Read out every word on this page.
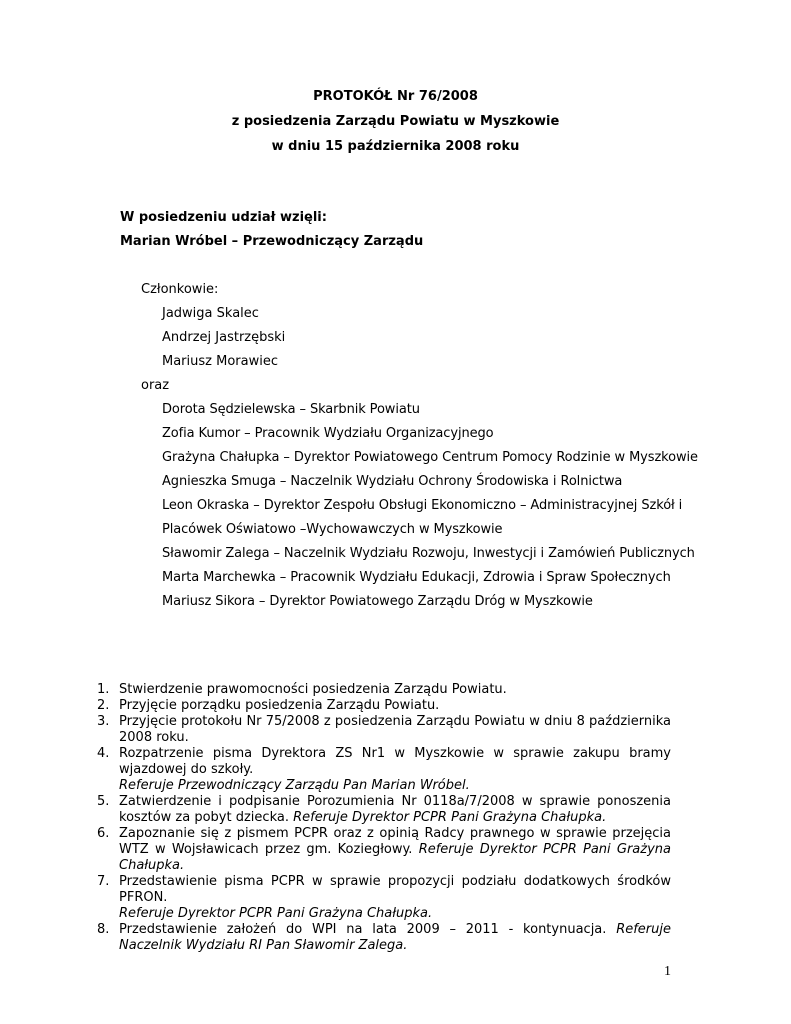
PROTOKÓŁ Nr 76/2008
z posiedzenia Zarządu Powiatu w Myszkowie
w dniu 15 października 2008 roku
W posiedzeniu udział wzięli:
Marian Wróbel – Przewodniczący Zarządu
Członkowie:
Jadwiga Skalec
Andrzej Jastrzębski
Mariusz Morawiec
oraz
Dorota Sędzielewska – Skarbnik Powiatu
Zofia Kumor – Pracownik Wydziału Organizacyjnego
Grażyna Chałupka – Dyrektor Powiatowego Centrum Pomocy Rodzinie w Myszkowie
Agnieszka Smuga – Naczelnik Wydziału Ochrony Środowiska i Rolnictwa
Leon Okraska – Dyrektor Zespołu Obsługi Ekonomiczno – Administracyjnej Szkół i
Placówek Oświatowo –Wychowawczych w Myszkowie
Sławomir Zalega – Naczelnik Wydziału Rozwoju, Inwestycji i Zamówień Publicznych
Marta Marchewka – Pracownik Wydziału Edukacji, Zdrowia i Spraw Społecznych
Mariusz Sikora – Dyrektor Powiatowego Zarządu Dróg w Myszkowie
1. Stwierdzenie prawomocności posiedzenia Zarządu Powiatu.
2. Przyjęcie porządku posiedzenia Zarządu Powiatu.
3. Przyjęcie protokołu Nr 75/2008 z posiedzenia Zarządu Powiatu w dniu 8 października 2008 roku.
4. Rozpatrzenie pisma Dyrektora ZS Nr1 w Myszkowie w sprawie zakupu bramy wjazdowej do szkoły.
Referuje Przewodniczący Zarządu Pan Marian Wróbel.
5. Zatwierdzenie i podpisanie Porozumienia Nr 0118a/7/2008 w sprawie ponoszenia kosztów za pobyt dziecka. Referuje Dyrektor PCPR Pani Grażyna Chałupka.
6. Zapoznanie się z pismem PCPR oraz z opinią Radcy prawnego w sprawie przejęcia WTZ w Wojsławicach przez gm. Koziegłowy. Referuje Dyrektor PCPR Pani Grażyna Chałupka.
7. Przedstawienie pisma PCPR w sprawie propozycji podziału dodatkowych środków PFRON.
Referuje Dyrektor PCPR Pani Grażyna Chałupka.
8. Przedstawienie założeń do WPI na lata 2009 – 2011 - kontynuacja. Referuje Naczelnik Wydziału RI Pan Sławomir Zalega.
1
